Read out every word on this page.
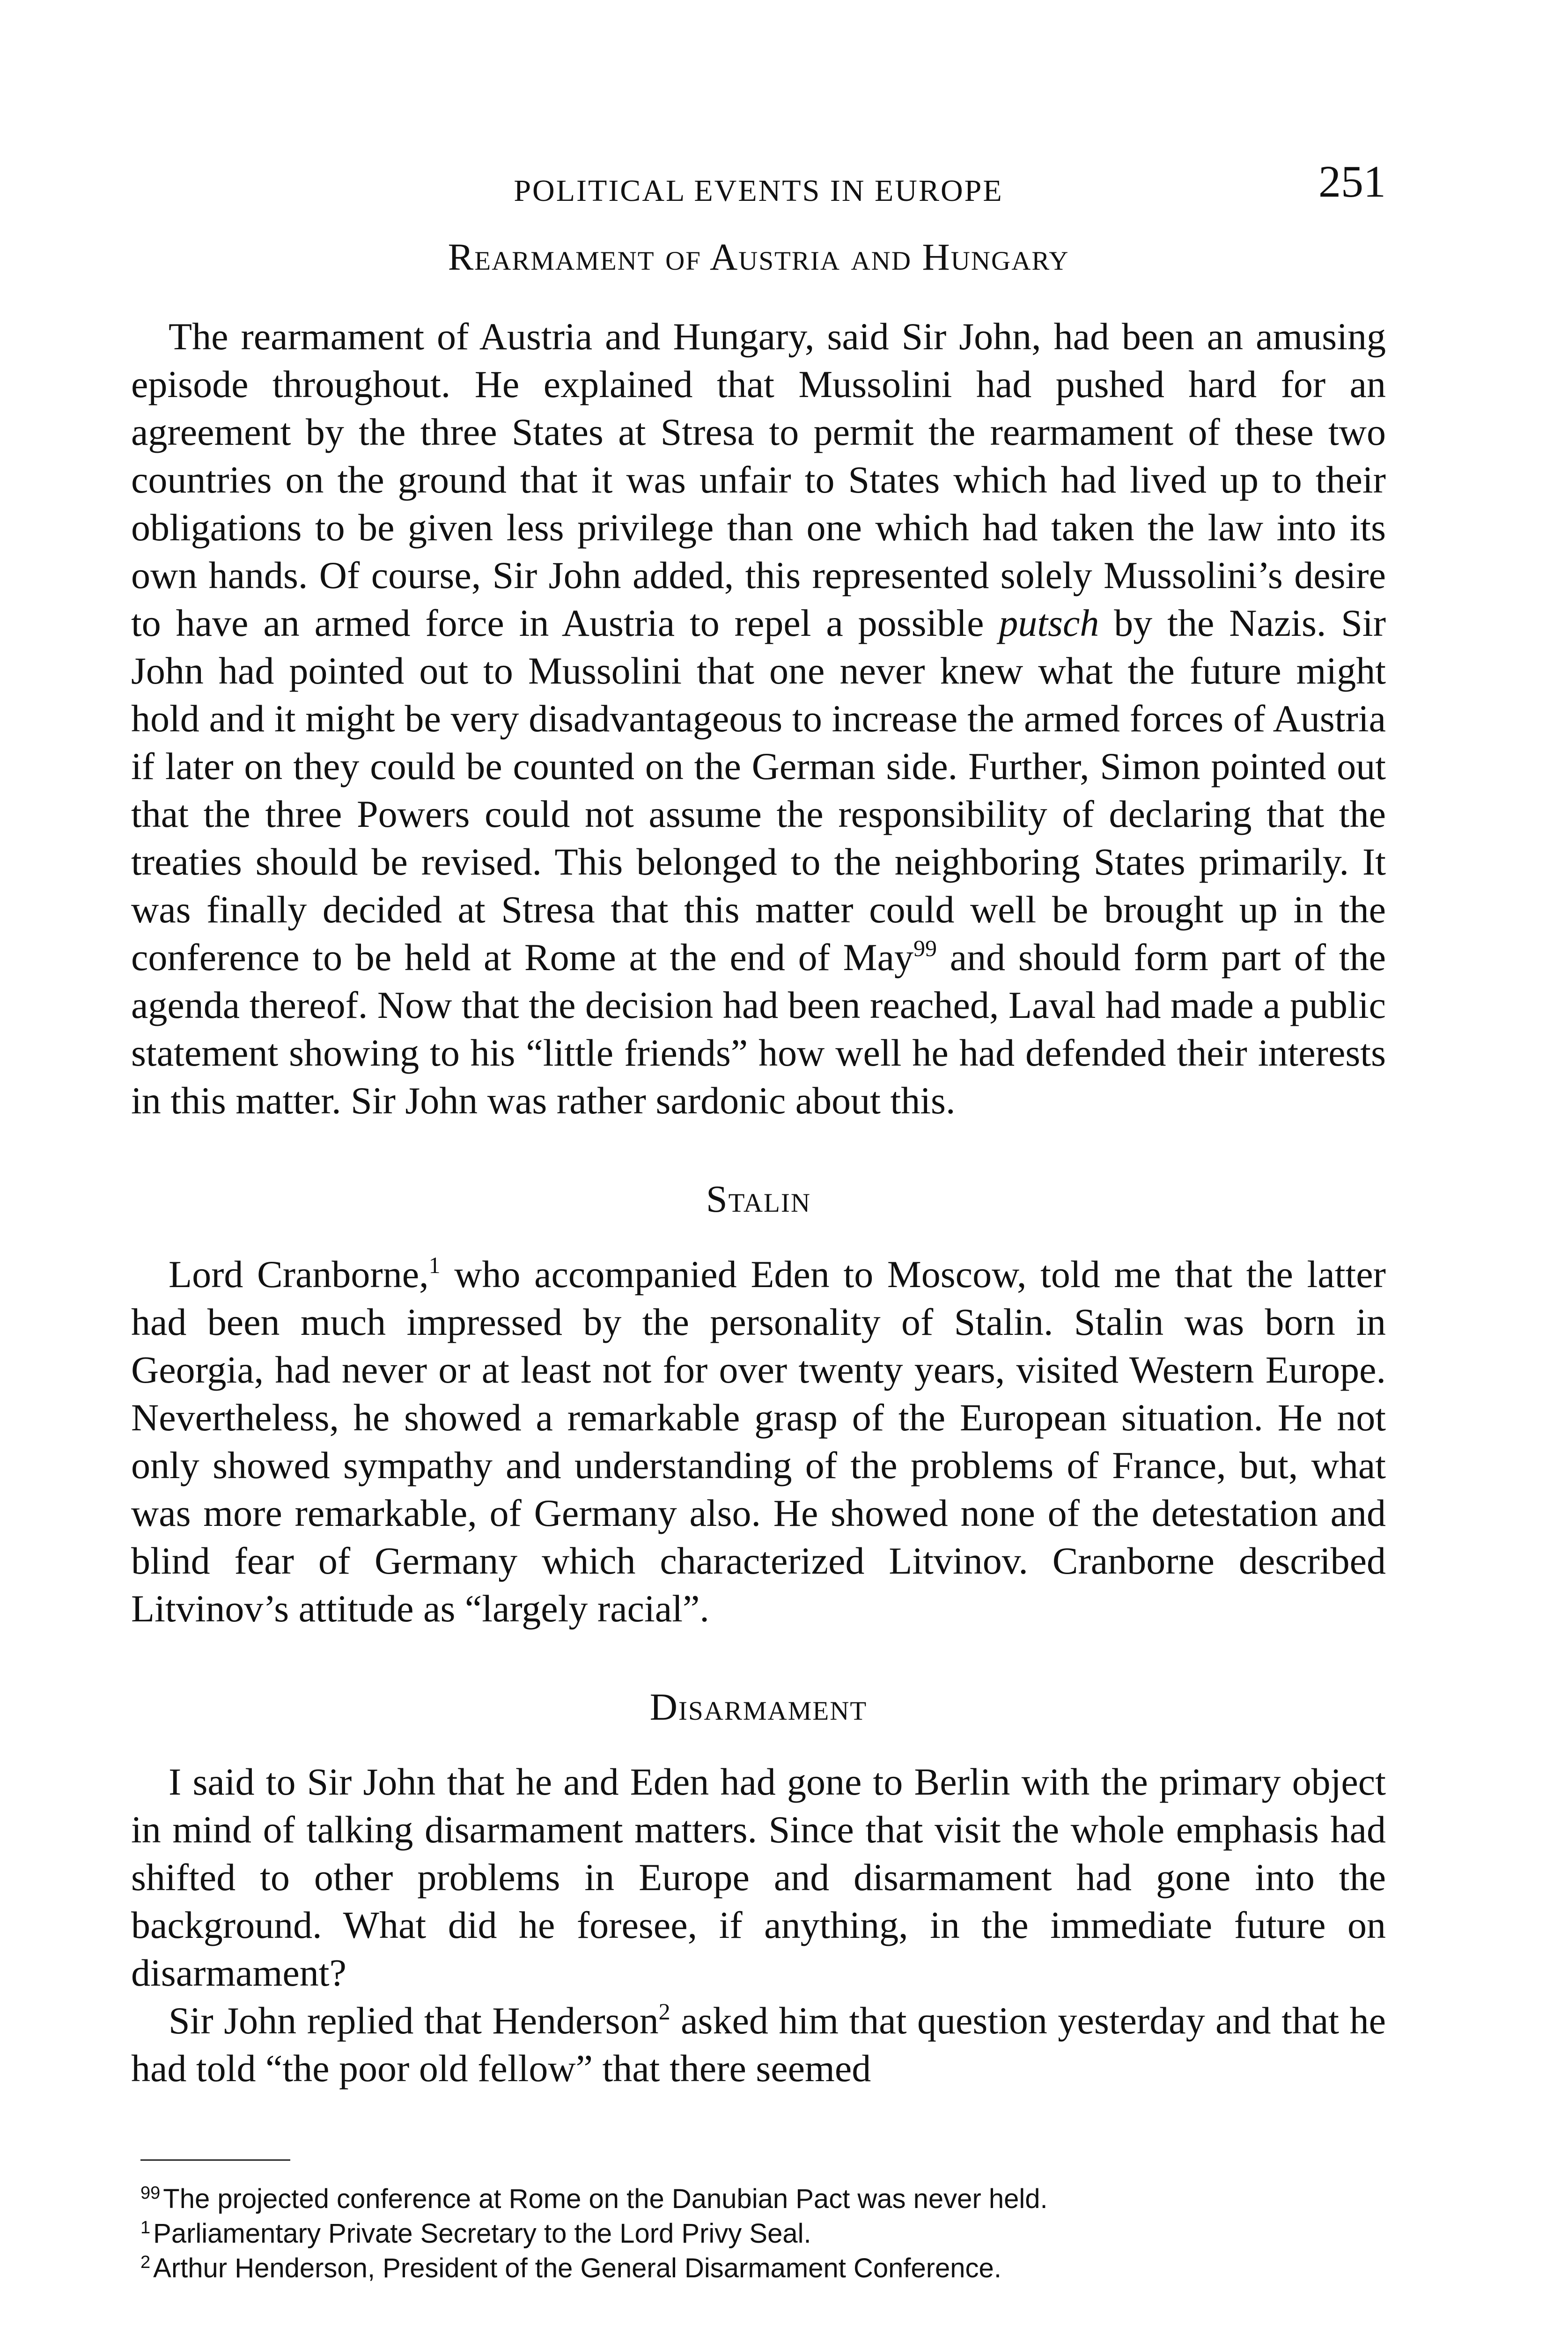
POLITICAL EVENTS IN EUROPE	251
Rearmament of Austria and Hungary

The rearmament of Austria and Hungary, said Sir John, had been an amusing episode throughout. He explained that Mussolini had pushed hard for an agreement by the three States at Stresa to permit the rearmament of these two countries on the ground that it was unfair to States which had lived up to their obligations to be given less privilege than one which had taken the law into its own hands. Of course, Sir John added, this represented solely Mussolini’s desire to have an armed force in Austria to repel a possible putsch by the Nazis. Sir John had pointed out to Mussolini that one never knew what the future might hold and it might be very disadvantageous to increase the armed forces of Austria if later on they could be counted on the German side. Further, Simon pointed out that the three Powers could not assume the responsibility of declaring that the treaties should be revised. This belonged to the neighboring States primarily. It was finally decided at Stresa that this matter could well be brought up in the conference to be held at Rome at the end of May$^{99}$ and should form part of the agenda thereof. Now that the decision had been reached, Laval had made a public statement showing to his “little friends” how well he had defended their interests in this matter. Sir John was rather sardonic about this.

Stalin

Lord Cranborne,$^1$ who accompanied Eden to Moscow, told me that the latter had been much impressed by the personality of Stalin. Stalin was born in Georgia, had never or at least not for over twenty years, visited Western Europe. Nevertheless, he showed a remarkable grasp of the European situation. He not only showed sympathy and understanding of the problems of France, but, what was more remarkable, of Germany also. He showed none of the detestation and blind fear of Germany which characterized Litvinov. Cranborne described Litvinov’s attitude as “largely racial”.

Disarmament

I said to Sir John that he and Eden had gone to Berlin with the primary object in mind of talking disarmament matters. Since that visit the whole emphasis had shifted to other problems in Europe and disarmament had gone into the background. What did he foresee, if anything, in the immediate future on disarmament?

Sir John replied that Henderson$^2$ asked him that question yesterday and that he had told “the poor old fellow” that there seemed

$^{99}$ The projected conference at Rome on the Danubian Pact was never held.

$^1$ Parliamentary Private Secretary to the Lord Privy Seal.

$^2$ Arthur Henderson, President of the General Disarmament Conference.
